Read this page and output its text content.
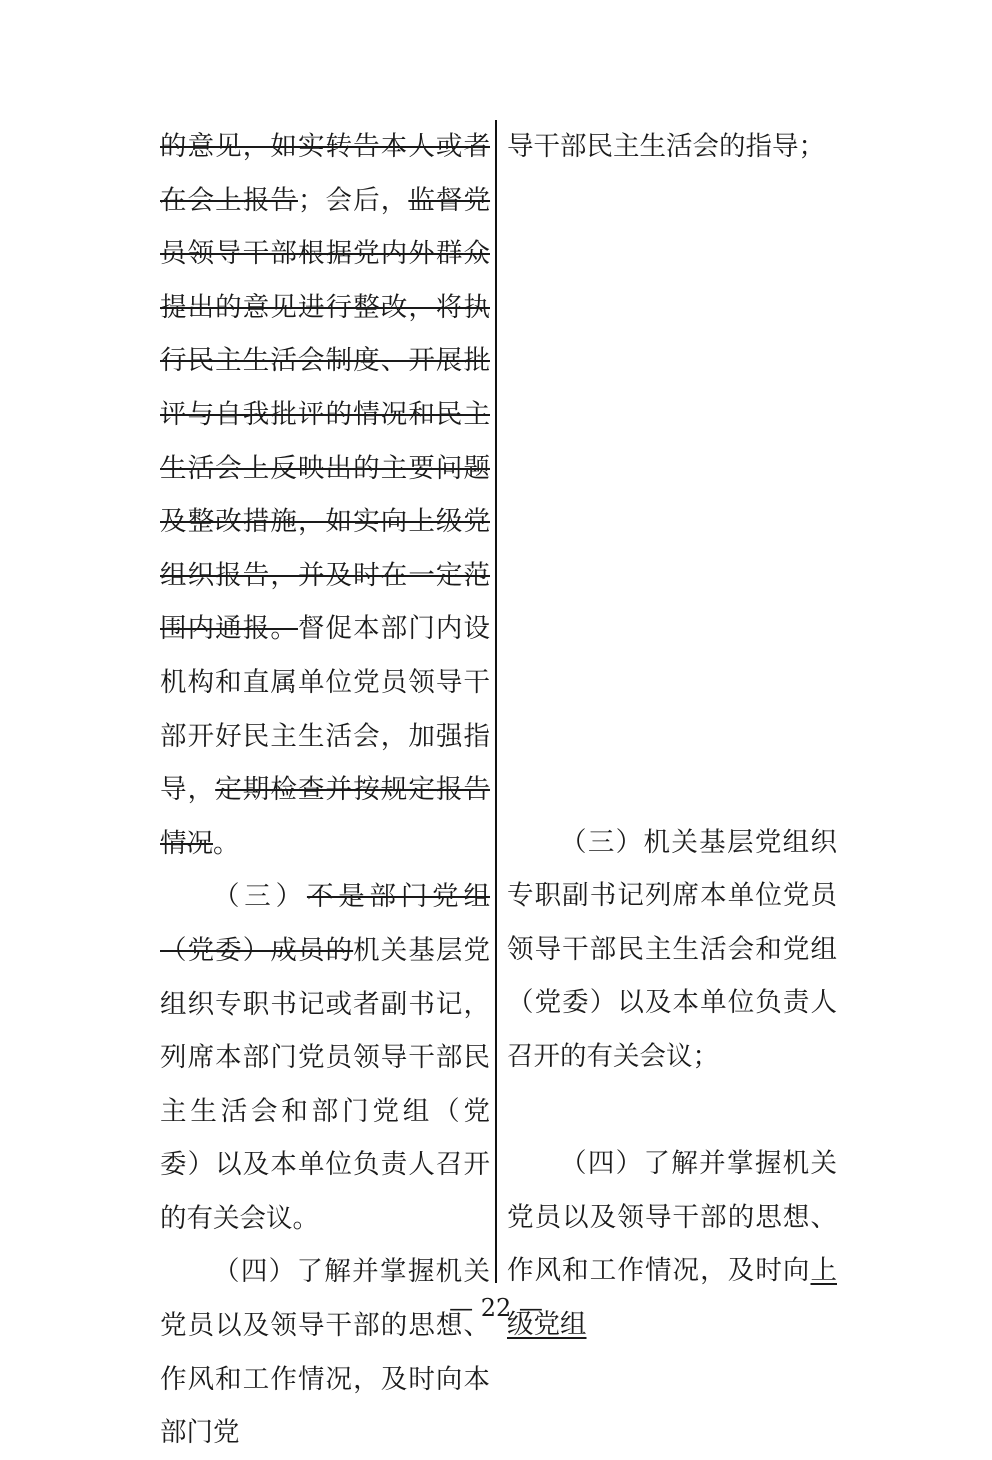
的意见，如实转告本人或者在会上报告；会后，监督党员领导干部根据党内外群众提出的意见进行整改，将执行民主生活会制度、开展批评与自我批评的情况和民主生活会上反映出的主要问题及整改措施，如实向上级党组织报告，并及时在一定范围内通报。督促本部门内设机构和直属单位党员领导干部开好民主生活会，加强指导，定期检查并按规定报告情况。

（三）不是部门党组（党委）成员的机关基层党组织专职书记或者副书记，列席本部门党员领导干部民主生活会和部门党组（党委）以及本单位负责人召开的有关会议。

（四）了解并掌握机关党员以及领导干部的思想、作风和工作情况，及时向本部门党

导干部民主生活会的指导；

（三）机关基层党组织专职副书记列席本单位党员领导干部民主生活会和党组（党委）以及本单位负责人召开的有关会议；

（四）了解并掌握机关党员以及领导干部的思想、作风和工作情况，及时向上级党组

— 22 —
